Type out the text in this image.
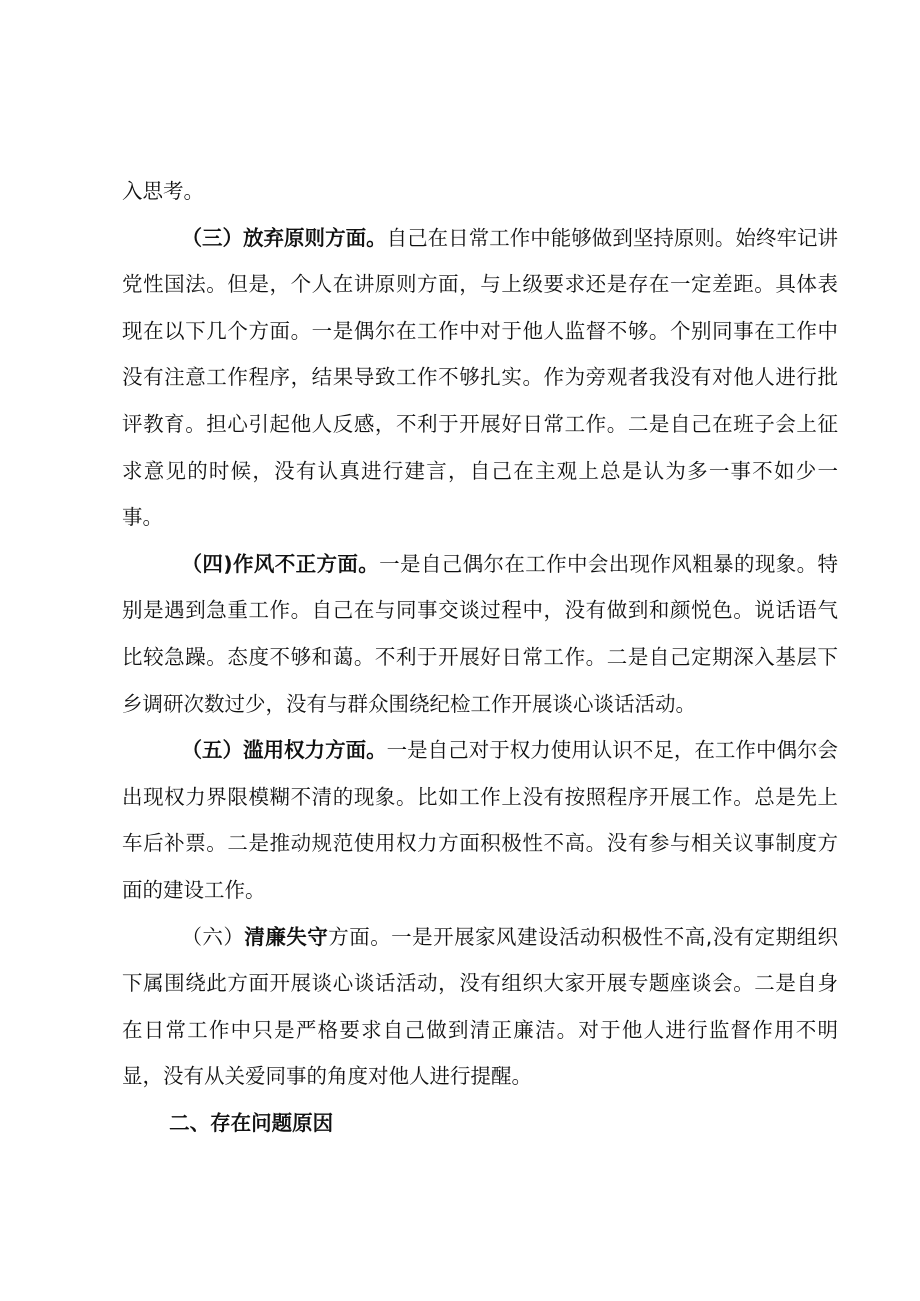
入思考。

（三）放弃原则方面。自己在日常工作中能够做到坚持原则。始终牢记讲党性国法。但是，个人在讲原则方面，与上级要求还是存在一定差距。具体表现在以下几个方面。一是偶尔在工作中对于他人监督不够。个别同事在工作中没有注意工作程序，结果导致工作不够扎实。作为旁观者我没有对他人进行批评教育。担心引起他人反感，不利于开展好日常工作。二是自己在班子会上征求意见的时候，没有认真进行建言，自己在主观上总是认为多一事不如少一事。

（四)作风不正方面。一是自己偶尔在工作中会出现作风粗暴的现象。特别是遇到急重工作。自己在与同事交谈过程中，没有做到和颜悦色。说话语气比较急躁。态度不够和蔼。不利于开展好日常工作。二是自己定期深入基层下乡调研次数过少，没有与群众围绕纪检工作开展谈心谈话活动。

（五）滥用权力方面。一是自己对于权力使用认识不足，在工作中偶尔会出现权力界限模糊不清的现象。比如工作上没有按照程序开展工作。总是先上车后补票。二是推动规范使用权力方面积极性不高。没有参与相关议事制度方面的建设工作。

（六）清廉失守方面。一是开展家风建设活动积极性不高,没有定期组织下属围绕此方面开展谈心谈话活动，没有组织大家开展专题座谈会。二是自身在日常工作中只是严格要求自己做到清正廉洁。对于他人进行监督作用不明显，没有从关爱同事的角度对他人进行提醒。

二、存在问题原因
